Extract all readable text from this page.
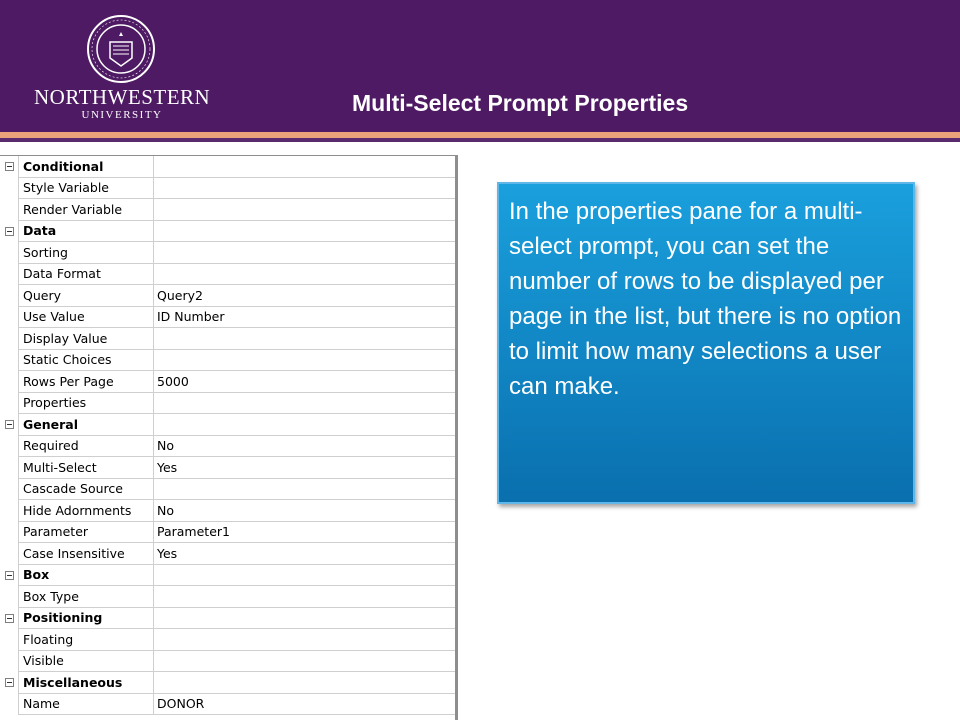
NORTHWESTERN
UNIVERSITY	Multi-Select Prompt Properties
Conditional
Style Variable
Render Variable
Data
Sorting
Data Format
Query	Query2
Use Value	ID Number
Display Value
Static Choices
Rows Per Page	5000
Properties
General
Required	No
Multi-Select	Yes
Cascade Source
Hide Adornments	No
Parameter	Parameter1
Case Insensitive	Yes
Box
Box Type
Positioning
Floating
Visible
Miscellaneous
Name	DONOR
In the properties pane for a multi-select prompt, you can set the number of rows to be displayed per page in the list, but there is no option to limit how many selections a user can make.
